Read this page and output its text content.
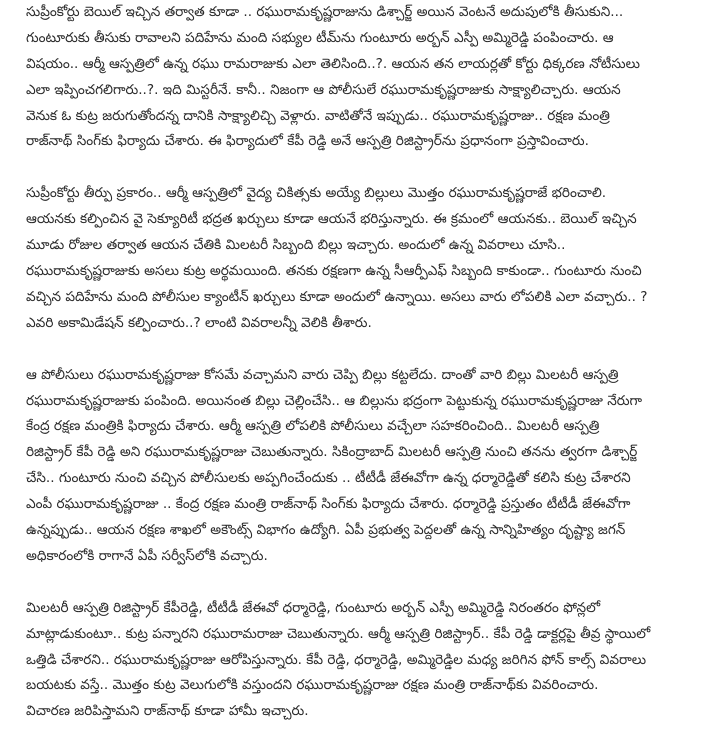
సుప్రీంకోర్టు బెయిల్ ఇచ్చిన తర్వాత కూడా .. రఘురామకృష్ణరాజును డిశ్చార్జ్ అయిన వెంటనే అదుపులోకి తీసుకుని...
గుంటూరుకు తీసుకు రావాలని పదిహేను మంది సభ్యుల టీమ్‌ను గుంటూరు అర్బన్ ఎస్పీ అమ్మిరెడ్డి పంపించారు. ఆ
విషయం.. ఆర్మీ ఆస్పత్రిలో ఉన్న రఘు రామరాజుకు ఎలా తెలిసింది..?. ఆయన తన లాయర్లతో కోర్టు ధిక్కరణ నోటీసులు
ఎలా ఇప్పించగలిగారు..?. ఇది మిస్టరీనే. కానీ.. నిజంగా ఆ పోలీసులే రఘురామకృష్ణరాజుకు సాక్ష్యాలిచ్చారు. ఆయన
వెనుక ఓ కుట్ర జరుగుతోందన్న దానికి సాక్ష్యాలిచ్చి వెళ్లారు. వాటితోనే ఇప్పుడు.. రఘురామకృష్ణరాజు.. రక్షణ మంత్రి
రాజ్‌నాథ్ సింగ్‌కు ఫిర్యాదు చేశారు. ఈ ఫిర్యాదులో కేపీ రెడ్డి అనే ఆస్పత్రి రిజిస్ట్రార్‌ను ప్రధానంగా ప్రస్తావించారు.
సుప్రీంకోర్టు తీర్పు ప్రకారం.. ఆర్మీ ఆస్పత్రిలో వైద్య చికిత్సకు అయ్యే బిల్లులు మొత్తం రఘురామకృష్ణరాజే భరించాలి.
ఆయనకు కల్పించిన వై సెక్యూరిటీ భద్రత ఖర్చులు కూడా ఆయనే భరిస్తున్నారు. ఈ క్రమంలో ఆయనకు.. బెయిల్ ఇచ్చిన
మూడు రోజుల తర్వాత ఆయన చేతికి మిలటరీ సిబ్బంది బిల్లు ఇచ్చారు. అందులో ఉన్న వివరాలు చూసి..
రఘురామకృష్ణరాజుకు అసలు కుట్ర అర్థమయింది. తనకు రక్షణగా ఉన్న సీఆర్పీఎఫ్ సిబ్బంది కాకుండా.. గుంటూరు నుంచి
వచ్చిన పదిహేను మంది పోలీసుల క్యాంటీన్ ఖర్చులు కూడా అందులో ఉన్నాయి. అసలు వారు లోపలికి ఎలా వచ్చారు.. ?
ఎవరి అకామిడేషన్ కల్పించారు..? లాంటి వివరాలన్నీ వెలికి తీశారు.
ఆ పోలీసులు రఘురామకృష్ణరాజు కోసమే వచ్చామని వారు చెప్పి బిల్లు కట్టలేదు. దాంతో వారి బిల్లు మిలటరీ ఆస్పత్రి
రఘురామకృష్ణరాజుకు పంపింది. అయినంత బిల్లు చెల్లించేసి.. ఆ బిల్లును భద్రంగా పెట్టుకున్న రఘురామకృష్ణరాజు నేరుగా
కేంద్ర రక్షణ మంత్రికి ఫిర్యాదు చేశారు. ఆర్మీ ఆస్పత్రి లోపలికి పోలీసులు వచ్చేలా సహకరించింది.. మిలటరీ ఆస్పత్రి
రిజిస్ట్రార్ కేపీ రెడ్డి అని రఘురామకృష్ణరాజు చెబుతున్నారు. సికింద్రాబాద్ మిలటరీ ఆస్పత్రి నుంచి తనను త్వరగా డిశ్చార్జ్
చేసి.. గుంటూరు నుంచి వచ్చిన పోలీసులకు అప్పగించేందుకు .. టీటీడీ జేఈవోగా ఉన్న ధర్మారెడ్డితో కలిసి కుట్ర చేశారని
ఎంపీ రఘురామకృష్ణరాజు .. కేంద్ర రక్షణ మంత్రి రాజ్‌నాథ్ సింగ్‌కు ఫిర్యాదు చేశారు. ధర్మారెడ్డి ప్రస్తుతం టీటీడీ జేఈవోగా
ఉన్నప్పుడు.. ఆయన రక్షణ శాఖలో అకౌంట్స్ విభాగం ఉద్యోగి. ఏపీ ప్రభుత్వ పెద్దలతో ఉన్న సాన్నిహిత్యం దృష్ట్యా జగన్
అధికారంలోకి రాగానే ఏపీ సర్వీస్‌లోకి వచ్చారు.
మిలటరీ ఆస్పత్రి రిజిస్ట్రార్ కేపీరెడ్డి, టీటీడీ జేఈవో ధర్మారెడ్డి, గుంటూరు అర్బన్ ఎస్పీ అమ్మిరెడ్డి నిరంతరం ఫోన్లలో
మాట్లాడుకుంటూ.. కుట్ర పన్నారని రఘురామరాజు చెబుతున్నారు. ఆర్మీ ఆస్పత్రి రిజిస్ట్రార్.. కేపీ రెడ్డి డాక్టర్లపై తీవ్ర స్థాయిలో
ఒత్తిడి చేశారని.. రఘురామకృష్ణరాజు ఆరోపిస్తున్నారు. కేపీ రెడ్డి, ధర్మారెడ్డి, అమ్మిరెడ్డిల మధ్య జరిగిన ఫోన్ కాల్స్ వివరాలు
బయటకు వస్తే.. మొత్తం కుట్ర వెలుగులోకి వస్తుందని రఘురామకృష్ణరాజు రక్షణ మంత్రి రాజ్‌నాథ్‌కు వివరించారు.
విచారణ జరిపిస్తామని రాజ్‌నాథ్ కూడా హామీ ఇచ్చారు.
